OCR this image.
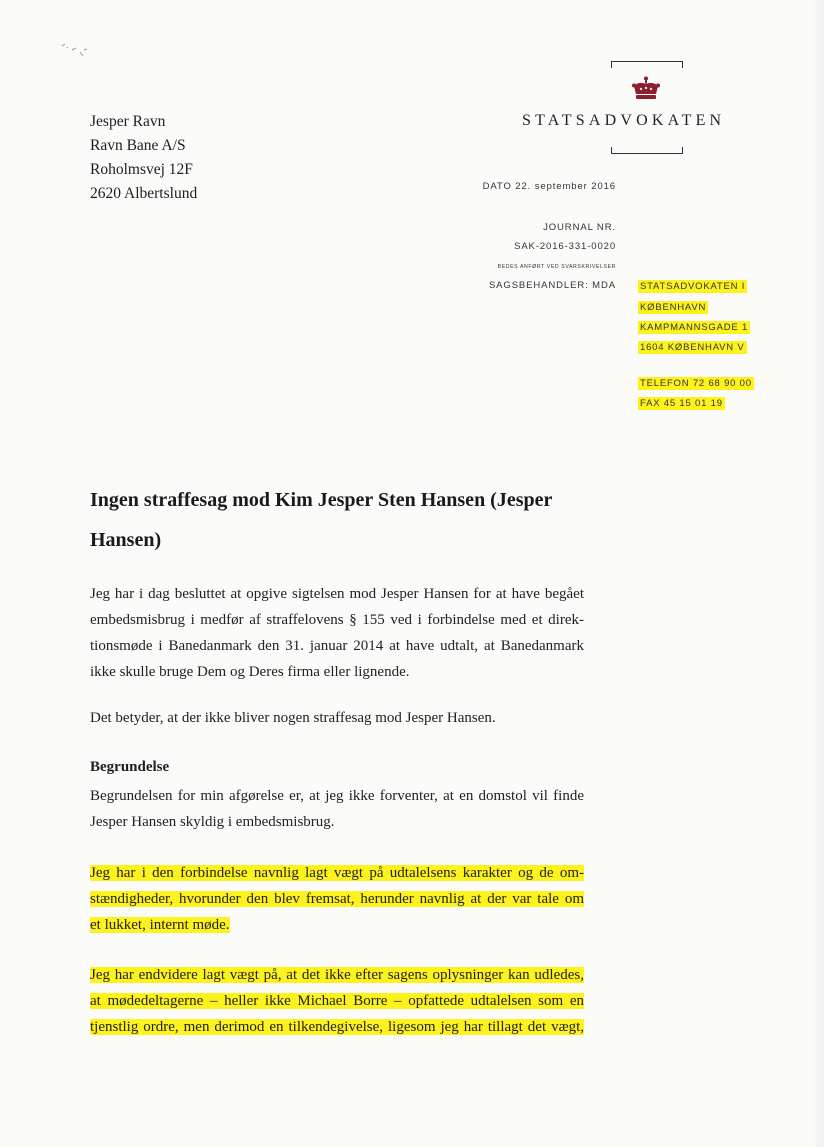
Jesper Ravn
Ravn Bane A/S
Roholmsvej 12F
2620 Albertslund
STATSADVOKATEN
DATO 22. september 2016
JOURNAL NR.
SAK-2016-331-0020
BEDES ANFØRT VED SVARSKRIVELSER
SAGSBEHANDLER: MDA	STATSADVOKATEN I
KØBENHAVN
KAMPMANNSGADE 1
1604 KØBENHAVN V
TELEFON 72 68 90 00
FAX 45 15 01 19
Ingen straffesag mod Kim Jesper Sten Hansen (Jesper
Hansen)
Jeg har i dag besluttet at opgive sigtelsen mod Jesper Hansen for at have begået
embedsmisbrug i medfør af straffelovens § 155 ved i forbindelse med et direk-
tionsmøde i Banedanmark den 31. januar 2014 at have udtalt, at Banedanmark
ikke skulle bruge Dem og Deres firma eller lignende.
Det betyder, at der ikke bliver nogen straffesag mod Jesper Hansen.
Begrundelse
Begrundelsen for min afgørelse er, at jeg ikke forventer, at en domstol vil finde
Jesper Hansen skyldig i embedsmisbrug.
Jeg har i den forbindelse navnlig lagt vægt på udtalelsens karakter og de om-
stændigheder, hvorunder den blev fremsat, herunder navnlig at der var tale om
et lukket, internt møde.
Jeg har endvidere lagt vægt på, at det ikke efter sagens oplysninger kan udledes,
at mødedeltagerne – heller ikke Michael Borre – opfattede udtalelsen som en
tjenstlig ordre, men derimod en tilkendegivelse, ligesom jeg har tillagt det vægt,
